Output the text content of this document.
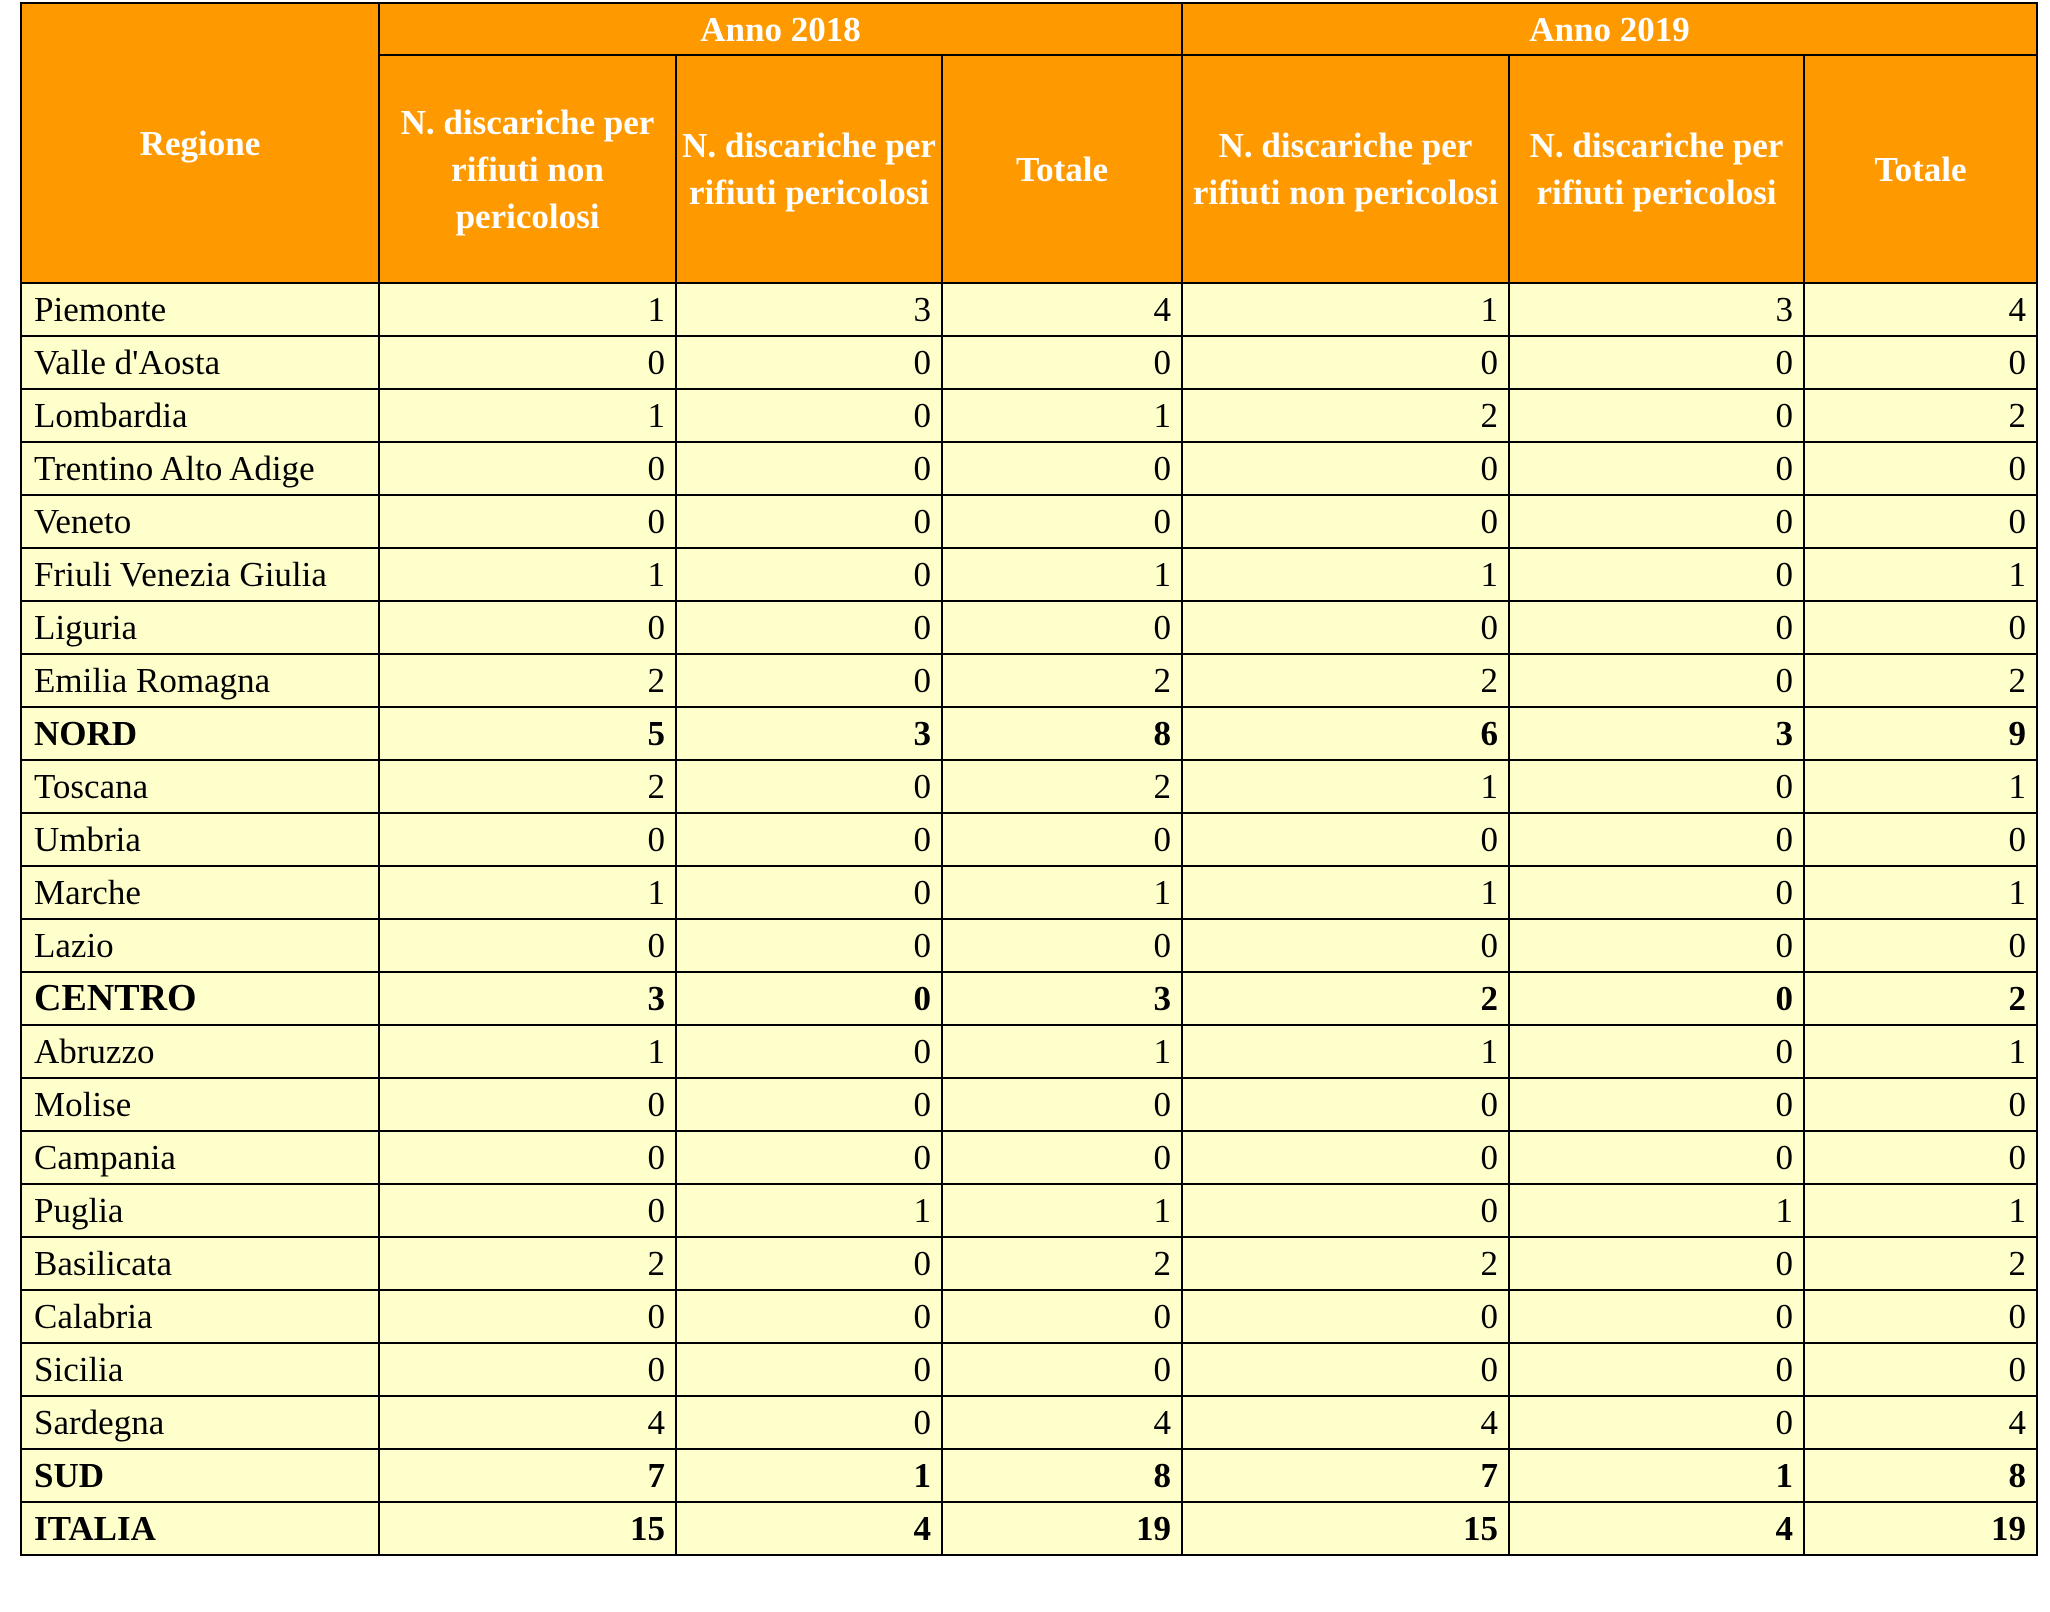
Regione	Anno 2018			Anno 2019		
	N. discariche per rifiuti non pericolosi	N. discariche per rifiuti pericolosi	Totale	N. discariche per rifiuti non pericolosi	N. discariche per rifiuti pericolosi	Totale
Piemonte	1	3	4	1	3	4
Valle d'Aosta	0	0	0	0	0	0
Lombardia	1	0	1	2	0	2
Trentino Alto Adige	0	0	0	0	0	0
Veneto	0	0	0	0	0	0
Friuli Venezia Giulia	1	0	1	1	0	1
Liguria	0	0	0	0	0	0
Emilia Romagna	2	0	2	2	0	2
NORD	5	3	8	6	3	9
Toscana	2	0	2	1	0	1
Umbria	0	0	0	0	0	0
Marche	1	0	1	1	0	1
Lazio	0	0	0	0	0	0
CENTRO	3	0	3	2	0	2
Abruzzo	1	0	1	1	0	1
Molise	0	0	0	0	0	0
Campania	0	0	0	0	0	0
Puglia	0	1	1	0	1	1
Basilicata	2	0	2	2	0	2
Calabria	0	0	0	0	0	0
Sicilia	0	0	0	0	0	0
Sardegna	4	0	4	4	0	4
SUD	7	1	8	7	1	8
ITALIA	15	4	19	15	4	19
